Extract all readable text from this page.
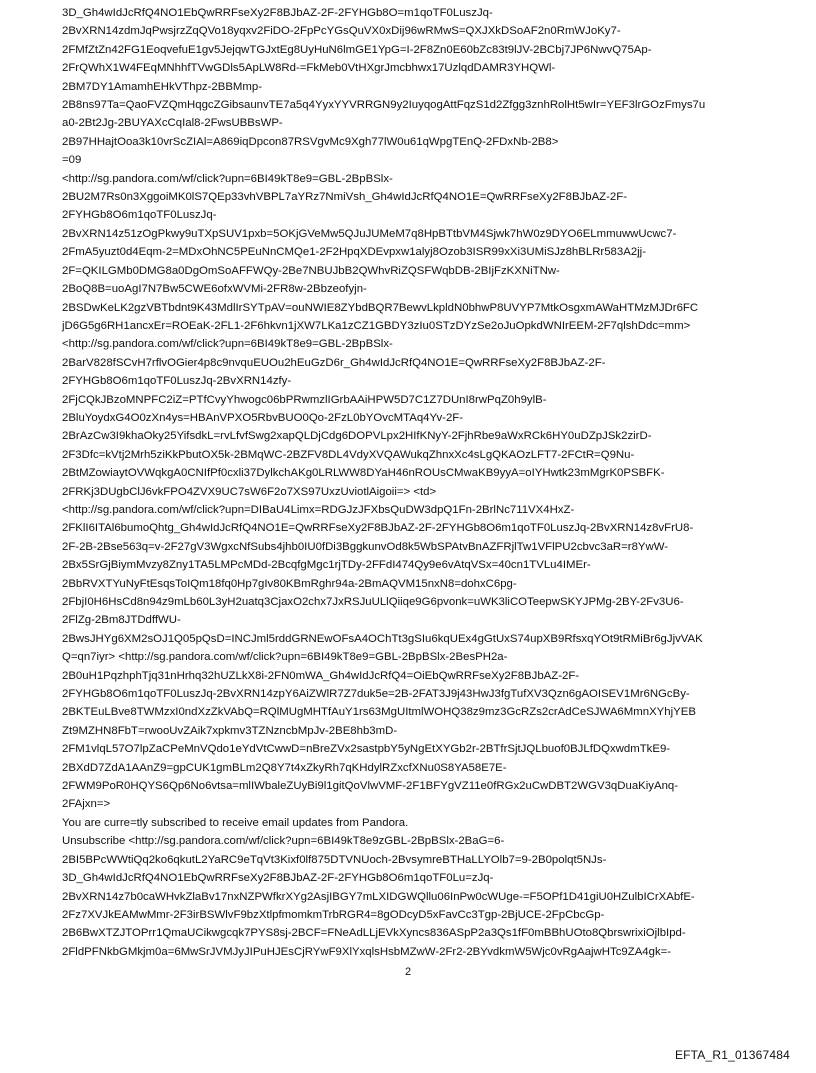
3D_Gh4wIdJcRfQ4NO1EbQwRRFseXy2F8BJbAZ-2F-2FYHGb8O=m1qoTF0LuszJq-
2BvXRN14zdmJqPwsjrzZqQVo18yqxv2FiDO-2FpPcYGsQuVX0xDij96wRMwS=QXJXkDSoAF2n0RmWJoKy7-
2FMfZtZn42FG1EoqvefuE1gv5JejqwTGJxtEg8UyHuN6lmGE1YpG=I-2F8Zn0E60bZc83t9lJV-2BCbj7JP6NwvQ75Ap-
2FrQWhX1W4FEqMNhhfTVwGDls5ApLW8Rd-=FkMeb0VtHXgrJmcbhwx17UzlqdDAMR3YHQWl-
2BM7DY1AmamhEHkVThpz-2BBMmp-
2B8ns97Ta=QaoFVZQmHqgcZGibsaunvTE7a5q4YyxYYVRRGN9y2IuyqogAttFqzS1d2Zfgg3znhRolHt5wIr=YEF3lrGOzFmys7u
a0-2Bt2Jg-2BUYAXcCqIal8-2FwsUBBsWP-
2B97HHajtOoa3k10vrScZIAl=A869iqDpcon87RSVgvMc9Xgh77lW0u61qWpgTEnQ-2FDxNb-2B8>
=09
<http://sg.pandora.com/wf/click?upn=6BI49kT8e9=GBL-2BpBSlx-
2BU2M7Rs0n3XggoiMK0lS7QEp33vhVBPL7aYRz7NmiVsh_Gh4wIdJcRfQ4NO1E=QwRRFseXy2F8BJbAZ-2F-
2FYHGb8O6m1qoTF0LuszJq-
2BvXRN14z51zOgPkwy9uTXpSUV1pxb=5OKjGVeMw5QJuJUMeM7q8HpBTtbVM4Sjwk7hW0z9DYO6ELmmuwwUcwc7-
2FmA5yuzt0d4Eqm-2=MDxOhNC5PEuNnCMQe1-2F2HpqXDEvpxw1alyj8Ozob3ISR99xXi3UMiSJz8hBLRr583A2jj-
2F=QKILGMb0DMG8a0DgOmSoAFFWQy-2Be7NBUJbB2QWhvRiZQSFWqbDB-2BIjFzKXNiTNw-
2BoQ8B=uoAgI7N7Bw5CWE6ofxWVMi-2FR8w-2Bbzeofyjn-
2BSDwKeLK2gzVBTbdnt9K43MdlIrSYTpAV=ouNWIE8ZYbdBQR7BewvLkpldN0bhwP8UVYP7MtkOsgxmAWaHTMzMJDr6FC
jD6G5g6RH1ancxEr=ROEaK-2FL1-2F6hkvn1jXW7LKa1zCZ1GBDY3zIu0STzDYzSe2oJuOpkdWNIrEEM-2F7qlshDdc=mm>
<http://sg.pandora.com/wf/click?upn=6BI49kT8e9=GBL-2BpBSlx-
2BarV828fSCvH7rflvOGier4p8c9nvquEUOu2hEuGzD6r_Gh4wIdJcRfQ4NO1E=QwRRFseXy2F8BJbAZ-2F-
2FYHGb8O6m1qoTF0LuszJq-2BvXRN14zfy-
2FjCQkJBzoMNPFC2iZ=PTfCvyYhwogc06bPRwmzlIGrbAAiHPW5D7C1Z7DUnI8rwPqZ0h9ylB-
2BluYoydxG4O0zXn4ys=HBAnVPXO5RbvBUO0Qo-2FzL0bYOvcMTAq4Yv-2F-
2BrAzCw3I9khaOky25YifsdkL=rvLfvfSwg2xapQLDjCdg6DOPVLpx2HIfKNyY-2FjhRbe9aWxRCk6HY0uDZpJSk2zirD-
2F3Dfc=kVtj2Mrh5ziKkPbutOX5k-2BMqWC-2BZFV8DL4VdyXVQAWukqZhnxXc4sLgQKAOzLFT7-2FCtR=Q9Nu-
2BtMZowiaytOVWqkgA0CNIfPf0cxli37DylkchAKg0LRLWW8DYaH46nROUsCMwaKB9yyA=oIYHwtk23mMgrK0PSBFK-
2FRKj3DUgbClJ6vkFPO4ZVX9UC7sW6F2o7XS97UxzUviotlAigoii=> <td>
<http://sg.pandora.com/wf/click?upn=DIBaU4Limx=RDGJzJFXbsQuDW3dpQ1Fn-2BrlNc711VX4HxZ-
2FKlI6ITAl6bumoQhtg_Gh4wIdJcRfQ4NO1E=QwRRFseXy2F8BJbAZ-2F-2FYHGb8O6m1qoTF0LuszJq-2BvXRN14z8vFrU8-
2F-2B-2Bse563q=v-2F27gV3WgxcNfSubs4jhb0IU0fDi3BggkunvOd8k5WbSPAtvBnAZFRjlTw1VFlPU2cbvc3aR=r8YwW-
2Bx5SrGjBiymMvzy8Zny1TA5LMPcMDd-2BcqfgMgc1rjTDy-2FFdI474Qy9e6vAtqVSx=40cn1TVLu4IMEr-
2BbRVXTYuNyFtEsqsToIQm18fq0Hp7gIv80KBmRghr94a-2BmAQVM15nxN8=dohxC6pg-
2FbjI0H6HsCd8n94z9mLb60L3yH2uatq3CjaxO2chx7JxRSJuULlQiiqe9G6pvonk=uWK3liCOTeepwSKYJPMg-2BY-2Fv3U6-
2FlZg-2Bm8JTDdffWU-
2BwsJHYg6XM2sOJ1Q05pQsD=INCJml5rddGRNEwOFsA4OChTt3gSIu6kqUEx4gGtUxS74upXB9RfsxqYOt9tRMiBr6gJjvVAK
Q=qn7iyr> <http://sg.pandora.com/wf/click?upn=6BI49kT8e9=GBL-2BpBSlx-2BesPH2a-
2B0uH1PqzhphTjq31nHrhq32hUZLkX8i-2FN0mWA_Gh4wIdJcRfQ4=OiEbQwRRFseXy2F8BJbAZ-2F-
2FYHGb8O6m1qoTF0LuszJq-2BvXRN14zpY6AiZWlR7Z7duk5e=2B-2FAT3J9j43HwJ3fgTufXV3Qzn6gAOISEV1Mr6NGcBy-
2BKTEuLBve8TWMzxI0ndXzZkVAbQ=RQlMUgMHTfAuY1rs63MgUItmlWOHQ38z9mz3GcRZs2crAdCeSJWA6MmnXYhjYEB
Zt9MZHN8FbT=rwooUvZAik7xpkmv3TZNzncbMpJv-2BE8hb3mD-
2FM1vlqL57O7lpZaCPeMnVQdo1eYdVtCwwD=nBreZVx2sastpbY5yNgEtXYGb2r-2BTfrSjtJQLbuof0BJLfDQxwdmTkE9-
2BXdD7ZdA1AAnZ9=gpCUK1gmBLm2Q8Y7t4xZkyRh7qKHdylRZxcfXNu0S8YA58E7E-
2FWM9PoR0HQYS6Qp6No6vtsa=mlIWbaleZUyBi9l1gitQoVlwVMF-2F1BFYgVZ11e0fRGx2uCwDBT2WGV3qDuaKiyAnq-
2FAjxn=>
You are curre=tly subscribed to receive email updates from Pandora.
Unsubscribe <http://sg.pandora.com/wf/click?upn=6BI49kT8e9zGBL-2BpBSlx-2BaG=6-
2BI5BPcWWtiQq2ko6qkutL2YaRC9eTqVt3Kixf0lf875DTVNUoch-2BvsymreBTHaLLYOlb7=9-2B0polqt5NJs-
3D_Gh4wIdJcRfQ4NO1EbQwRRFseXy2F8BJbAZ-2F-2FYHGb8O6m1qoTF0Lu=zJq-
2BvXRN14z7b0caWHvkZlaBv17nxNZPWfkrXYg2AsjIBGY7mLXIDGWQllu06InPw0cWUge-=F5OPf1D41giU0HZulbICrXAbfE-
2Fz7XVJkEAMwMmr-2F3irBSWlvF9bzXtlpfmomkmTrbRGR4=8gODcyD5xFavCc3Tgp-2BjUCE-2FpCbcGp-
2B6BwXTZJTOPrr1QmaUCikwgcqk7PYS8sj-2BCF=FNeAdLLjEVkXyncs836ASpP2a3Qs1fF0mBBhUOto8QbrswrixiOjlbIpd-
2FldPFNkbGMkjm0a=6MwSrJVMJyJIPuHJEsCjRYwF9XlYxqlsHsbMZwW-2Fr2-2BYvdkmW5Wjc0vRgAajwHTc9ZA4gk=-
2
EFTA_R1_01367484
